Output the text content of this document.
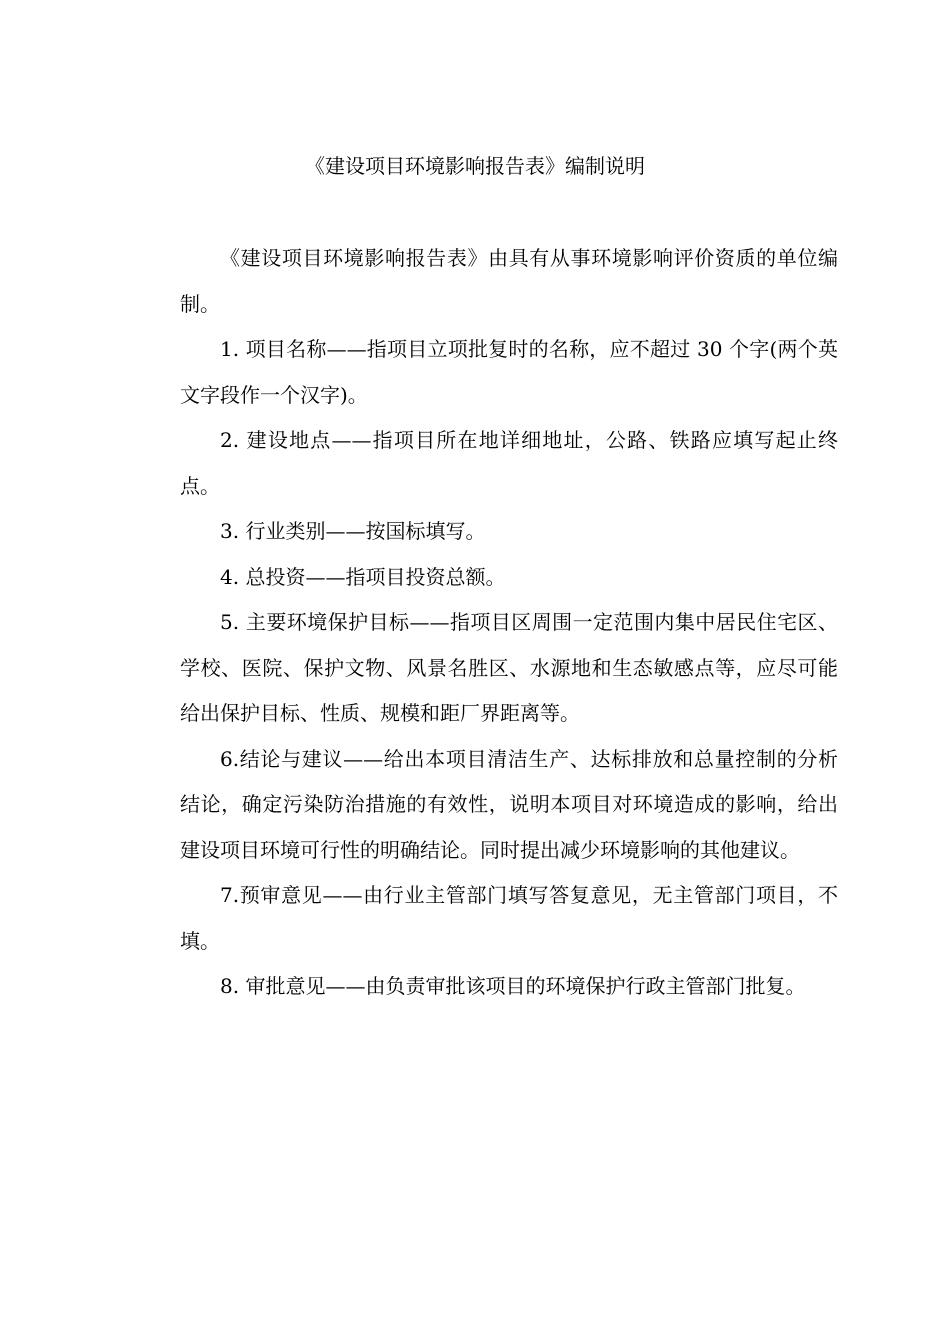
《建设项目环境影响报告表》编制说明

《建设项目环境影响报告表》由具有从事环境影响评价资质的单位编制。

1. 项目名称——指项目立项批复时的名称，应不超过 30 个字(两个英文字段作一个汉字)。

2. 建设地点——指项目所在地详细地址，公路、铁路应填写起止终点。

3. 行业类别——按国标填写。

4. 总投资——指项目投资总额。

5. 主要环境保护目标——指项目区周围一定范围内集中居民住宅区、学校、医院、保护文物、风景名胜区、水源地和生态敏感点等，应尽可能给出保护目标、性质、规模和距厂界距离等。

6.结论与建议——给出本项目清洁生产、达标排放和总量控制的分析结论，确定污染防治措施的有效性，说明本项目对环境造成的影响，给出建设项目环境可行性的明确结论。同时提出减少环境影响的其他建议。

7.预审意见——由行业主管部门填写答复意见，无主管部门项目，不填。

8. 审批意见——由负责审批该项目的环境保护行政主管部门批复。
